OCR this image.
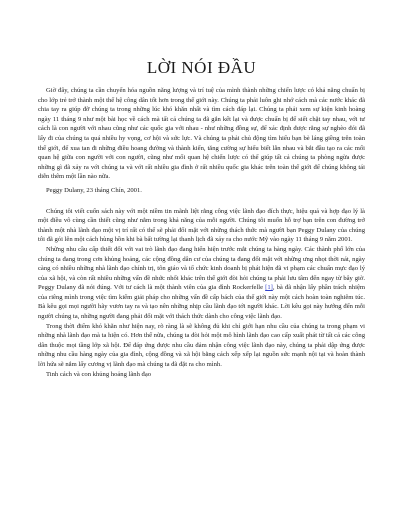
LỜI NÓI ĐẦU

Giờ đây, chúng ta cần chuyển hóa nguồn năng lượng và trí tuệ của mình thành những chiến lược có khả năng chuẩn bị cho lớp trẻ trở thành một thế hệ công dân tốt hơn trong thế giới này. Chúng ta phải luôn ghi nhớ cách mà các nước khác đã chia tay ra giúp đỡ chúng ta trong những lúc khó khăn nhất và tìm cách đáp lại. Chúng ta phải xem sự kiện kinh hoàng ngày 11 tháng 9 như một bài học về cách mà tất cả chúng ta đã gắn kết lại và được chuẩn bị để siết chặt tay nhau, với tư cách là con người với nhau cũng như các quốc gia với nhau - như những đồng sự, để xác định được rằng sự nghèo đói đã lấy đi của chúng ta quá nhiều hy vọng, cơ hội và sức lực. Và chúng ta phải chủ động tìm hiểu bạn bè láng giềng trên toàn thế giới, để xua tan đi những điều hoang đường và thành kiến, tăng cường sự hiểu biết lẫn nhau và bắt đầu tạo ra các mối quan hệ giữa con người với con người, cũng như mối quan hệ chiến lược có thể giúp tất cả chúng ta phòng ngừa được những gì đã xảy ra với chúng ta và với rất nhiều gia đình ở rất nhiều quốc gia khác trên toàn thế giới để chúng không tái diễn thêm một lần nào nữa.

Peggy Dulany, 23 tháng Chín, 2001.

Chúng tôi viết cuốn sách này với một niềm tin mãnh liệt rằng công việc lãnh đạo đích thực, hiệu quả và hợp đạo lý là một điều vô cùng cần thiết cũng như nằm trong khả năng của mỗi người. Chúng tôi muốn hỗ trợ bạn trên con đường trở thành một nhà lãnh đạo một vị trí rất có thể sẽ phải đối mặt với những thách thức mà người bạn Peggy Dulany của chúng tôi đã gói lên một cách hùng hồn khi bà bất tường lại thanh lịch đã xảy ra cho nước Mỹ vào ngày 11 tháng 9 năm 2001.

Những nhu cầu cấp thiết đối với vai trò lãnh đạo đang hiển hiện trước mắt chúng ta hàng ngày. Các thành phố lớn của chúng ta đang trong cơn khủng hoảng, các cộng đồng dân cư của chúng ta đang đối mặt với những ưng nhọt thời nát, ngày càng có nhiều những nhà lãnh đạo chính trị, tôn giáo và tổ chức kinh doanh bị phát hiện đã vi phạm các chuẩn mực đạo lý của xã hội, và còn rất nhiều những vấn đề nhức nhối khác trên thế giới đòi hỏi chúng ta phải lưu tâm đến ngay từ bây giờ. Peggy Dulany đã nói đúng. Với tư cách là một thành viên của gia đình Rockerfelle [1], bà đã nhận lấy phần trách nhiệm của riêng mình trong việc tìm kiếm giải pháp cho những vấn đề cấp bách của thế giới này một cách hoàn toàn nghiêm túc. Bà kêu gọi mọi người hãy vươn tay ra và tạo nên những nhịp cầu lãnh đạo tới người khác. Lời kêu gọi này hướng đến mỗi người chúng ta, những người đang phải đối mặt với thách thức dành cho công việc lãnh đạo.

Trong thời điểm khó khăn như hiện nay, rõ ràng là sẽ không đủ khi chỉ giới hạn nhu cầu của chúng ta trong phạm vi những nhà lãnh đạo mà ta hiện có. Hơn thế nữa, chúng ta đòi hỏi một mô hình lãnh đạo cao cấp xuất phát từ tất cả các công dân thuộc mọi tầng lớp xã hội. Để đáp ứng được nhu cầu đảm nhận công việc lãnh đạo này, chúng ta phải dập ứng được những nhu cầu hàng ngày của gia đình, cộng đồng và xã hội bằng cách xếp xếp lại nguồn sức mạnh nội tại và hoàn thành lời hứa sẽ nắm lấy cương vị lãnh đạo mà chúng ta đã đặt ra cho mình.

Tinh cách và con khủng hoảng lãnh đạo
